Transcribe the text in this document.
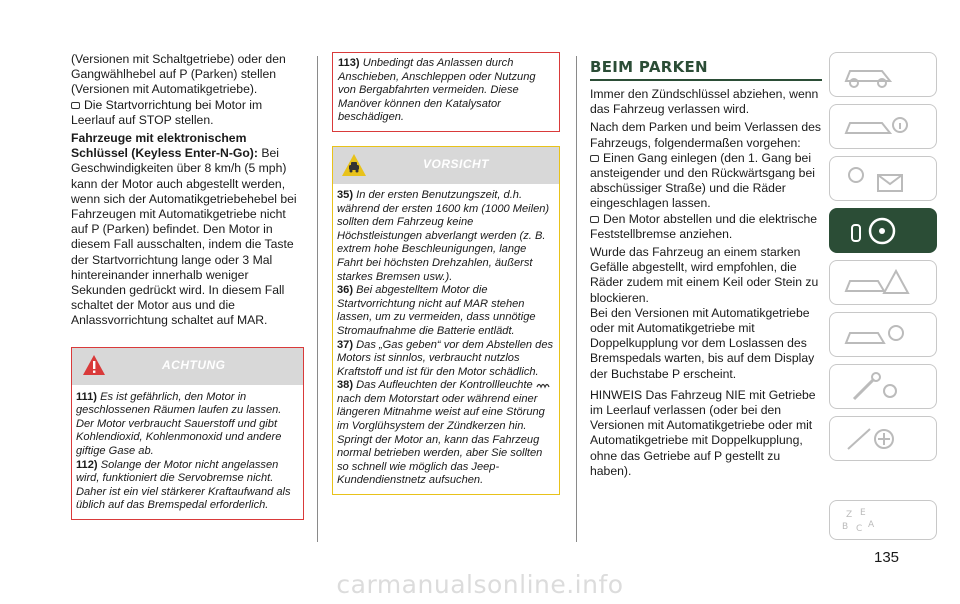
(Versionen mit Schaltgetriebe) oder den Gangwählhebel auf P (Parken) stellen (Versionen mit Automatikgetriebe).

Die Startvorrichtung bei Motor im Leerlauf auf STOP stellen.

Fahrzeuge mit elektronischem Schlüssel (Keyless Enter-N-Go): Bei Geschwindigkeiten über 8 km/h (5 mph) kann der Motor auch abgestellt werden, wenn sich der Automatikgetriebehebel bei Fahrzeugen mit Automatikgetriebe nicht auf P (Parken) befindet. Den Motor in diesem Fall ausschalten, indem die Taste der Startvorrichtung lange oder 3 Mal hintereinander innerhalb weniger Sekunden gedrückt wird. In diesem Fall schaltet der Motor aus und die Anlassvorrichtung schaltet auf MAR.

ACHTUNG

111) Es ist gefährlich, den Motor in geschlossenen Räumen laufen zu lassen. Der Motor verbraucht Sauerstoff und gibt Kohlendioxid, Kohlenmonoxid und andere giftige Gase ab.

112) Solange der Motor nicht angelassen wird, funktioniert die Servobremse nicht. Daher ist ein viel stärkerer Kraftaufwand als üblich auf das Bremspedal erforderlich.

113) Unbedingt das Anlassen durch Anschieben, Anschleppen oder Nutzung von Bergabfahrten vermeiden. Diese Manöver können den Katalysator beschädigen.

VORSICHT

35) In der ersten Benutzungszeit, d.h. während der ersten 1600 km (1000 Meilen) sollten dem Fahrzeug keine Höchstleistungen abverlangt werden (z. B. extrem hohe Beschleunigungen, lange Fahrt bei höchsten Drehzahlen, äußerst starkes Bremsen usw.).

36) Bei abgestelltem Motor die Startvorrichtung nicht auf MAR stehen lassen, um zu vermeiden, dass unnötige Stromaufnahme die Batterie entlädt.

37) Das „Gas geben“ vor dem Abstellen des Motors ist sinnlos, verbraucht nutzlos Kraftstoff und ist für den Motor schädlich.

38) Das Aufleuchten der Kontrollleuchte  nach dem Motorstart oder während einer längeren Mitnahme weist auf eine Störung im Vorglühsystem der Zündkerzen hin. Springt der Motor an, kann das Fahrzeug normal betrieben werden, aber Sie sollten so schnell wie möglich das Jeep-Kundendienstnetz aufsuchen.

BEIM PARKEN

Immer den Zündschlüssel abziehen, wenn das Fahrzeug verlassen wird.

Nach dem Parken und beim Verlassen des Fahrzeugs, folgendermaßen vorgehen:

Einen Gang einlegen (den 1. Gang bei ansteigender und den Rückwärtsgang bei abschüssiger Straße) und die Räder eingeschlagen lassen.

Den Motor abstellen und die elektrische Feststellbremse anziehen.

Wurde das Fahrzeug an einem starken Gefälle abgestellt, wird empfohlen, die Räder zudem mit einem Keil oder Stein zu blockieren.

Bei den Versionen mit Automatikgetriebe oder mit Automatikgetriebe mit Doppelkupplung vor dem Loslassen des Bremspedals warten, bis auf dem Display der Buchstabe P erscheint.

HINWEIS Das Fahrzeug NIE mit Getriebe im Leerlauf verlassen (oder bei den Versionen mit Automatikgetriebe oder mit Automatikgetriebe mit Doppelkupplung, ohne das Getriebe auf P gestellt zu haben).

Z E
B C A
135
carmanualsonline.info
